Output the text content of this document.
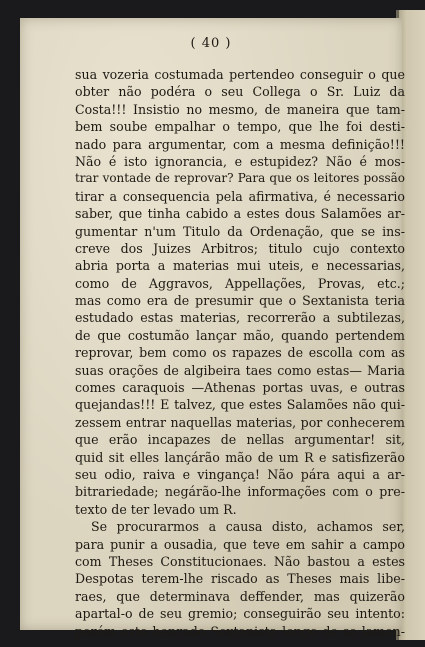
( 40 )
sua vozeria costumada pertendeo conseguir o que
obter não podéra o seu Collega o Sr. Luiz da
Costa!!! Insistio no mesmo, de maneira que tam-
bem soube empalhar o tempo, que lhe foi desti-
nado para argumentar, com a mesma definição!!!
Não é isto ignorancia, e estupidez? Não é mos-
trar vontade de reprovar? Para que os leitores possão
tirar a consequencia pela afirmativa, é necessario
saber, que tinha cabido a estes dous Salamões ar-
gumentar n'um Titulo da Ordenação, que se ins-
creve dos Juizes Arbitros; titulo cujo contexto
abria porta a materias mui uteis, e necessarias,
como de Aggravos, Appellações, Provas, etc.;
mas como era de presumir que o Sextanista teria
estudado estas materias, recorrerão a subtilezas,
de que costumão lançar mão, quando pertendem
reprovar, bem como os rapazes de escolla com as
suas orações de algibeira taes como estas— Maria
comes caraquois —Athenas portas uvas, e outras
quejandas!!! E talvez, que estes Salamões não qui-
zessem entrar naquellas materias, por conhecerem
que erão incapazes de nellas argumentar! sit,
quid sit elles lançárão mão de um R e satisfizerão
seu odio, raiva e vingança! Não pára aqui a ar-
bitrariedade; negárão-lhe informações com o pre-
texto de ter levado um R.
Se procurarmos a causa disto, achamos ser,
para punir a ousadia, que teve em sahir a campo
com Theses Constitucionaes. Não bastou a estes
Despotas terem-lhe riscado as Theses mais libe-
raes, que determinava deffender, mas quizerão
apartal-o de seu gremio; conseguirão seu intento:
porém este honrado Sextanista longe de se lamen-
